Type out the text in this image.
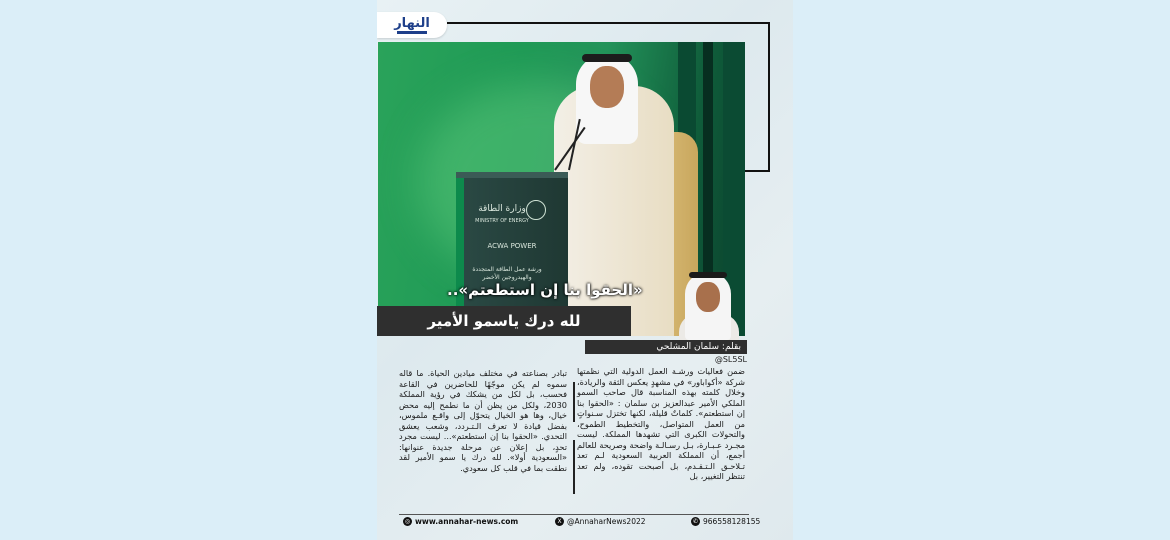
النهار
وزارة الطاقة
MINISTRY OF ENERGY
ACWA POWER
ورشة عمل الطاقة المتجددة والهيدروجين الأخضر
«الحقوا بنا إن استطعتم»..
لله درك ياسمو الأمير
بقلم: سلمان المشلحي
@SL5SL

ضمن فعاليات ورشـة العمل الدولية التي نظمتها شركة «أكواباور» في مشهدٍ يعكس الثقة والريادة، وخلال كلمته بهذه المناسبة قال صاحب السمو الملكي الأمير عبدالعزيز بن سلمان : «الحقوا بنا إن استطعتم». كلماتٌ قليلة، لكنها تختزل سـنواتٍ من العمل المتواصل، والتخطيط الطموح، والتحولات الكبرى التي تشهدها المملكة. ليست مجـرد عـبـارة، بـل رسـالـة واضحة وصريحة للعالم أجمع، أن المملكة العربية السعودية لـم تعد تـلاحـق الـتـقـدم، بل أصبحت تقوده، ولم تعد تنتظر التغيير، بل

تبادر بصناعته في مختلف ميادين الحياة. ما قاله سموه لم يكن موجّهًا للحاضرين في القاعة فحسب، بل لكل من يشكك في رؤية المملكة 2030، ولكل من يظن أن ما نطمح إليه محض خيال، وها هو الخيال يتحوّل إلى واقـع ملموس، بفضل قيادة لا تعرف الـتـردد، وشعب يعشق التحدي. «الحقوا بنا إن استطعتم»... ليست مجرد تحدٍ، بل إعلان عن مرحلة جديدة عنوانها: «السعودية أولا». لله درك يا سمو الأمير لقد نطقت بما في قلب كل سعودي.

◎ www.annahar-news.com	X @AnnaharNews2022	✆ 966558128155
